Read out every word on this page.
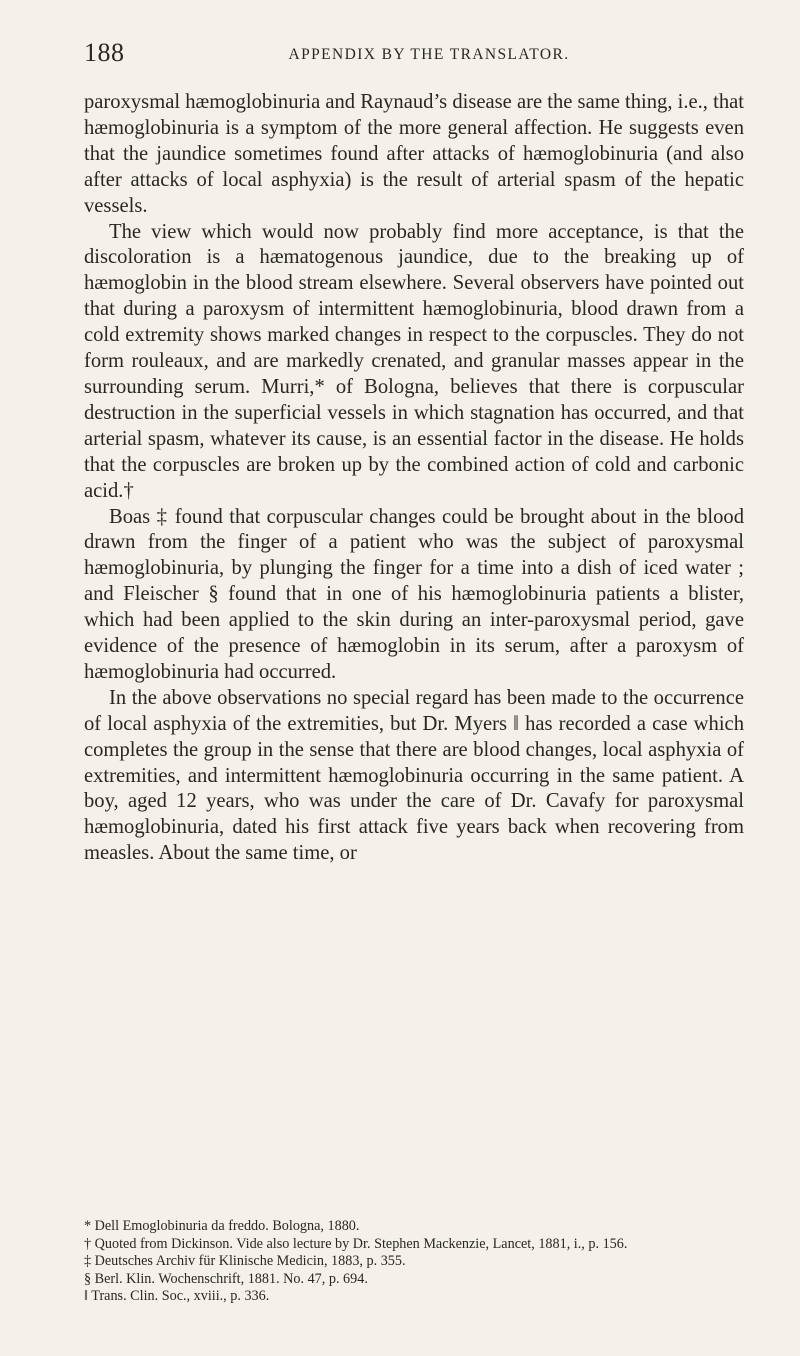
188	APPENDIX BY THE TRANSLATOR.

paroxysmal hæmoglobinuria and Raynaud’s disease are the same thing, i.e., that hæmoglobinuria is a symptom of the more general affection. He suggests even that the jaundice sometimes found after attacks of hæmoglobinuria (and also after attacks of local asphyxia) is the result of arterial spasm of the hepatic vessels.

The view which would now probably find more acceptance, is that the discoloration is a hæmatogenous jaundice, due to the breaking up of hæmoglobin in the blood stream elsewhere. Several observers have pointed out that during a paroxysm of intermittent hæmoglobinuria, blood drawn from a cold extremity shows marked changes in respect to the corpuscles. They do not form rouleaux, and are markedly crenated, and granular masses appear in the surrounding serum. Murri,* of Bologna, believes that there is corpuscular destruction in the superficial vessels in which stagnation has occurred, and that arterial spasm, whatever its cause, is an essential factor in the disease. He holds that the corpuscles are broken up by the combined action of cold and carbonic acid.†

Boas ‡ found that corpuscular changes could be brought about in the blood drawn from the finger of a patient who was the subject of paroxysmal hæmoglobinuria, by plunging the finger for a time into a dish of iced water ; and Fleischer § found that in one of his hæmoglobinuria patients a blister, which had been applied to the skin during an inter-paroxysmal period, gave evidence of the presence of hæmoglobin in its serum, after a paroxysm of hæmoglobinuria had occurred.

In the above observations no special regard has been made to the occurrence of local asphyxia of the extremities, but Dr. Myers ‖ has recorded a case which completes the group in the sense that there are blood changes, local asphyxia of extremities, and intermittent hæmoglobinuria occurring in the same patient. A boy, aged 12 years, who was under the care of Dr. Cavafy for paroxysmal hæmoglobinuria, dated his first attack five years back when recovering from measles. About the same time, or

* Dell Emoglobinuria da freddo. Bologna, 1880.

† Quoted from Dickinson. Vide also lecture by Dr. Stephen Mackenzie, Lancet, 1881, i., p. 156.

‡ Deutsches Archiv für Klinische Medicin, 1883, p. 355.

§ Berl. Klin. Wochenschrift, 1881. No. 47, p. 694.

‖ Trans. Clin. Soc., xviii., p. 336.
